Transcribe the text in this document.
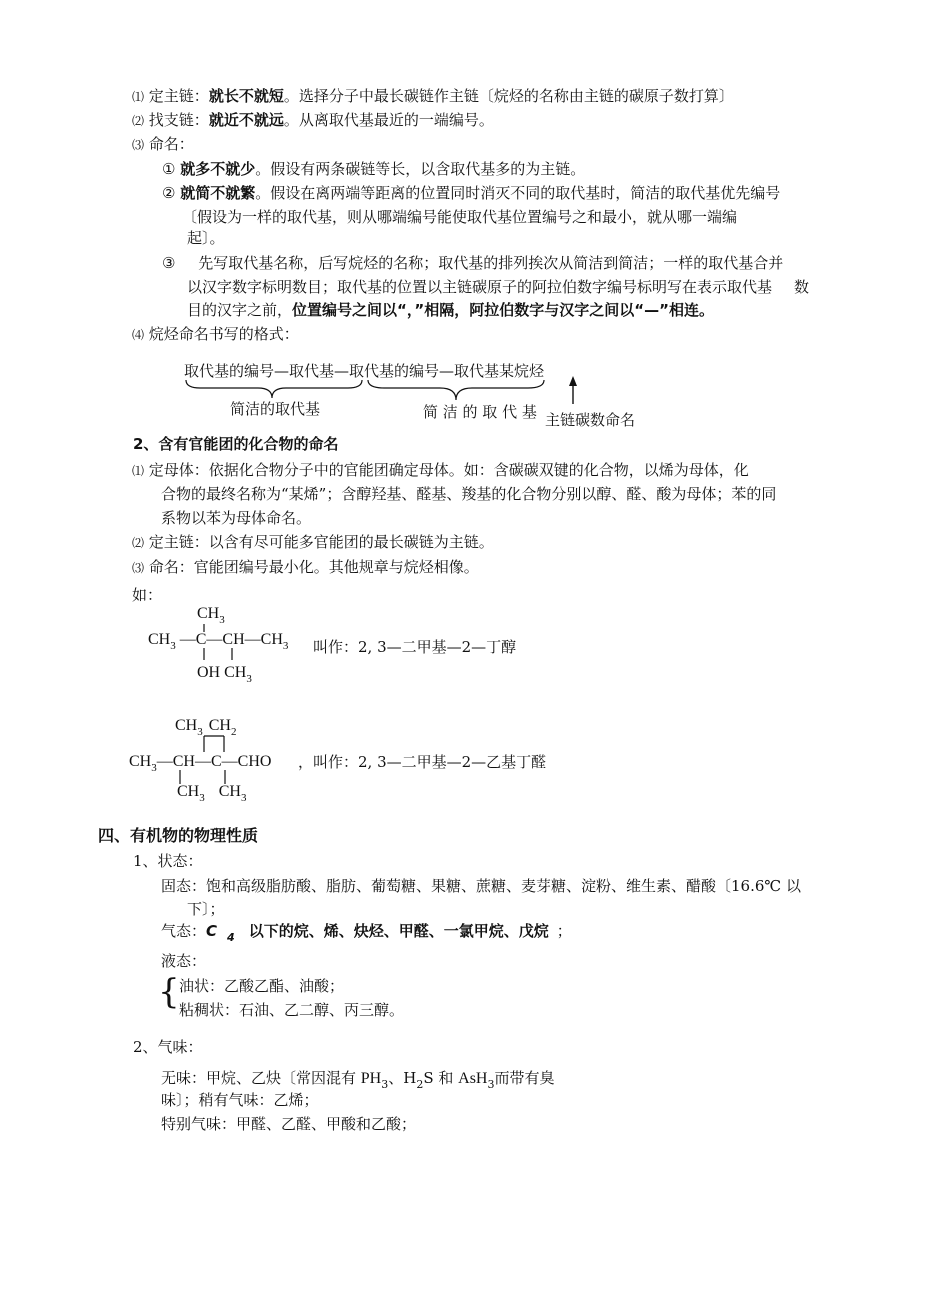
⑴ 定主链：就长不就短。选择分子中最长碳链作主链〔烷烃的名称由主链的碳原子数打算〕
⑵ 找支链：就近不就远。从离取代基最近的一端编号。
⑶ 命名：
① 就多不就少。假设有两条碳链等长，以含取代基多的为主链。
② 就简不就繁。假设在离两端等距离的位置同时消灭不同的取代基时，简洁的取代基优先编号
〔假设为一样的取代基，则从哪端编号能使取代基位置编号之和最小，就从哪一端编
起〕。
③ 先写取代基名称，后写烷烃的名称；取代基的排列挨次从简洁到简洁；一样的取代基合并
以汉字数字标明数目；取代基的位置以主链碳原子的阿拉伯数字编号标明写在表示取代基 数
目的汉字之前，位置编号之间以“，”相隔，阿拉伯数字与汉字之间以“—”相连。
⑷ 烷烃命名书写的格式：
取代基的编号—取代基—取代基的编号—取代基某烷烃
简洁的取代基	简 洁 的 取 代 基 主链碳数命名
2、含有官能团的化合物的命名
⑴ 定母体：依据化合物分子中的官能团确定母体。如：含碳碳双键的化合物，以烯为母体，化
合物的最终名称为“某烯”；含醇羟基、醛基、羧基的化合物分别以醇、醛、酸为母体；苯的同
系物以苯为母体命名。
⑵ 定主链：以含有尽可能多官能团的最长碳链为主链。
⑶ 命名：官能团编号最小化。其他规章与烷烃相像。
如：
$CH_3$
$CH_3$ $—C—CH—CH_3$ 叫作：2, 3—二甲基—2—丁醇
OH $CH_3$
$CH_3$ $CH_2$
$CH_3—CH—C—CHO$ ，叫作：2, 3—二甲基—2—乙基丁醛
$CH_3$ $CH_3$
四、有机物的物理性质
1、状态：
固态：饱和高级脂肪酸、脂肪、葡萄糖、果糖、蔗糖、麦芽糖、淀粉、维生素、醋酸〔16.6℃ 以
下〕；
气态：C $_4$ 以下的烷、烯、炔烃、甲醛、一氯甲烷、戊烷 ；
液态：
{ 油状：乙酸乙酯、油酸；
粘稠状：石油、乙二醇、丙三醇。
2、气味：
无味：甲烷、乙炔〔常因混有 $PH_3$、$H_2S$ 和 AsH$_3$而带有臭
味〕；稍有气味：乙烯；
特别气味：甲醛、乙醛、甲酸和乙酸；
